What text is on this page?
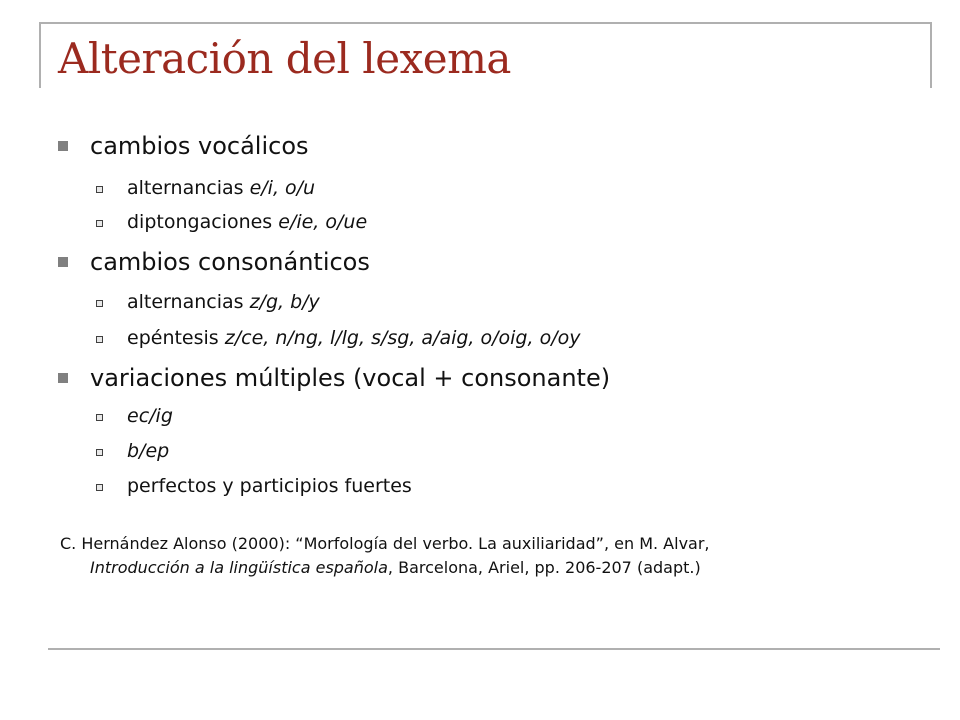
Alteración del lexema
cambios vocálicos
alternancias e/i, o/u
diptongaciones e/ie, o/ue
cambios consonánticos
alternancias z/g, b/y
epéntesis z/ce, n/ng, l/lg, s/sg, a/aig, o/oig, o/oy
variaciones múltiples (vocal + consonante)
ec/ig
b/ep
perfectos y participios fuertes
C. Hernández Alonso (2000): “Morfología del verbo. La auxiliaridad”, en M. Alvar,
Introducción a la lingüística española, Barcelona, Ariel, pp. 206-207 (adapt.)
